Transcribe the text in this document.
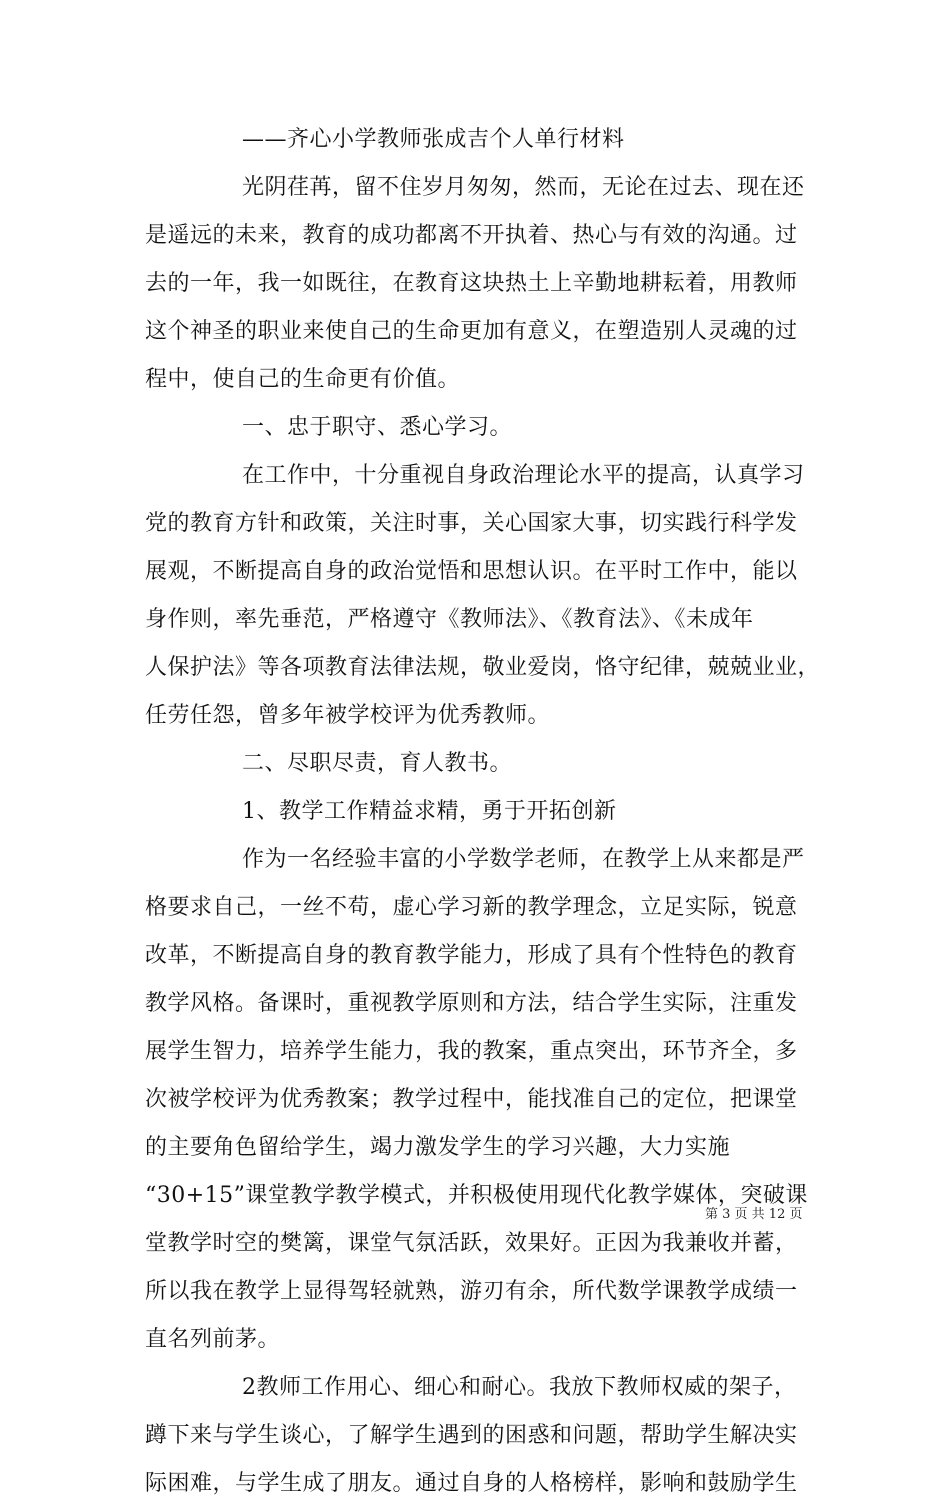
——齐心小学教师张成吉个人单行材料
光阴荏苒，留不住岁月匆匆，然而，无论在过去、现在还
是遥远的未来，教育的成功都离不开执着、热心与有效的沟通。过
去的一年，我一如既往，在教育这块热土上辛勤地耕耘着，用教师
这个神圣的职业来使自己的生命更加有意义，在塑造别人灵魂的过
程中，使自己的生命更有价值。
一、忠于职守、悉心学习。
在工作中，十分重视自身政治理论水平的提高，认真学习
党的教育方针和政策，关注时事，关心国家大事，切实践行科学发
展观，不断提高自身的政治觉悟和思想认识。在平时工作中，能以
身作则，率先垂范，严格遵守《教师法》、《教育法》、《未成年
人保护法》等各项教育法律法规，敬业爱岗，恪守纪律，兢兢业业，
任劳任怨，曾多年被学校评为优秀教师。
二、尽职尽责，育人教书。
1、教学工作精益求精，勇于开拓创新
作为一名经验丰富的小学数学老师，在教学上从来都是严
格要求自己，一丝不苟，虚心学习新的教学理念，立足实际，锐意
改革，不断提高自身的教育教学能力，形成了具有个性特色的教育
教学风格。备课时，重视教学原则和方法，结合学生实际，注重发
展学生智力，培养学生能力，我的教案，重点突出，环节齐全，多
次被学校评为优秀教案；教学过程中，能找准自己的定位，把课堂
的主要角色留给学生，竭力激发学生的学习兴趣，大力实施
“30+15”课堂教学教学模式，并积极使用现代化教学媒体，突破课
堂教学时空的樊篱，课堂气氛活跃，效果好。正因为我兼收并蓄，
所以我在教学上显得驾轻就熟，游刃有余，所代数学课教学成绩一
直名列前茅。
2教师工作用心、细心和耐心。我放下教师权威的架子，
蹲下来与学生谈心，了解学生遇到的困惑和问题，帮助学生解决实
际困难，与学生成了朋友。通过自身的人格榜样，影响和鼓励学生
第 3 页 共 12 页
